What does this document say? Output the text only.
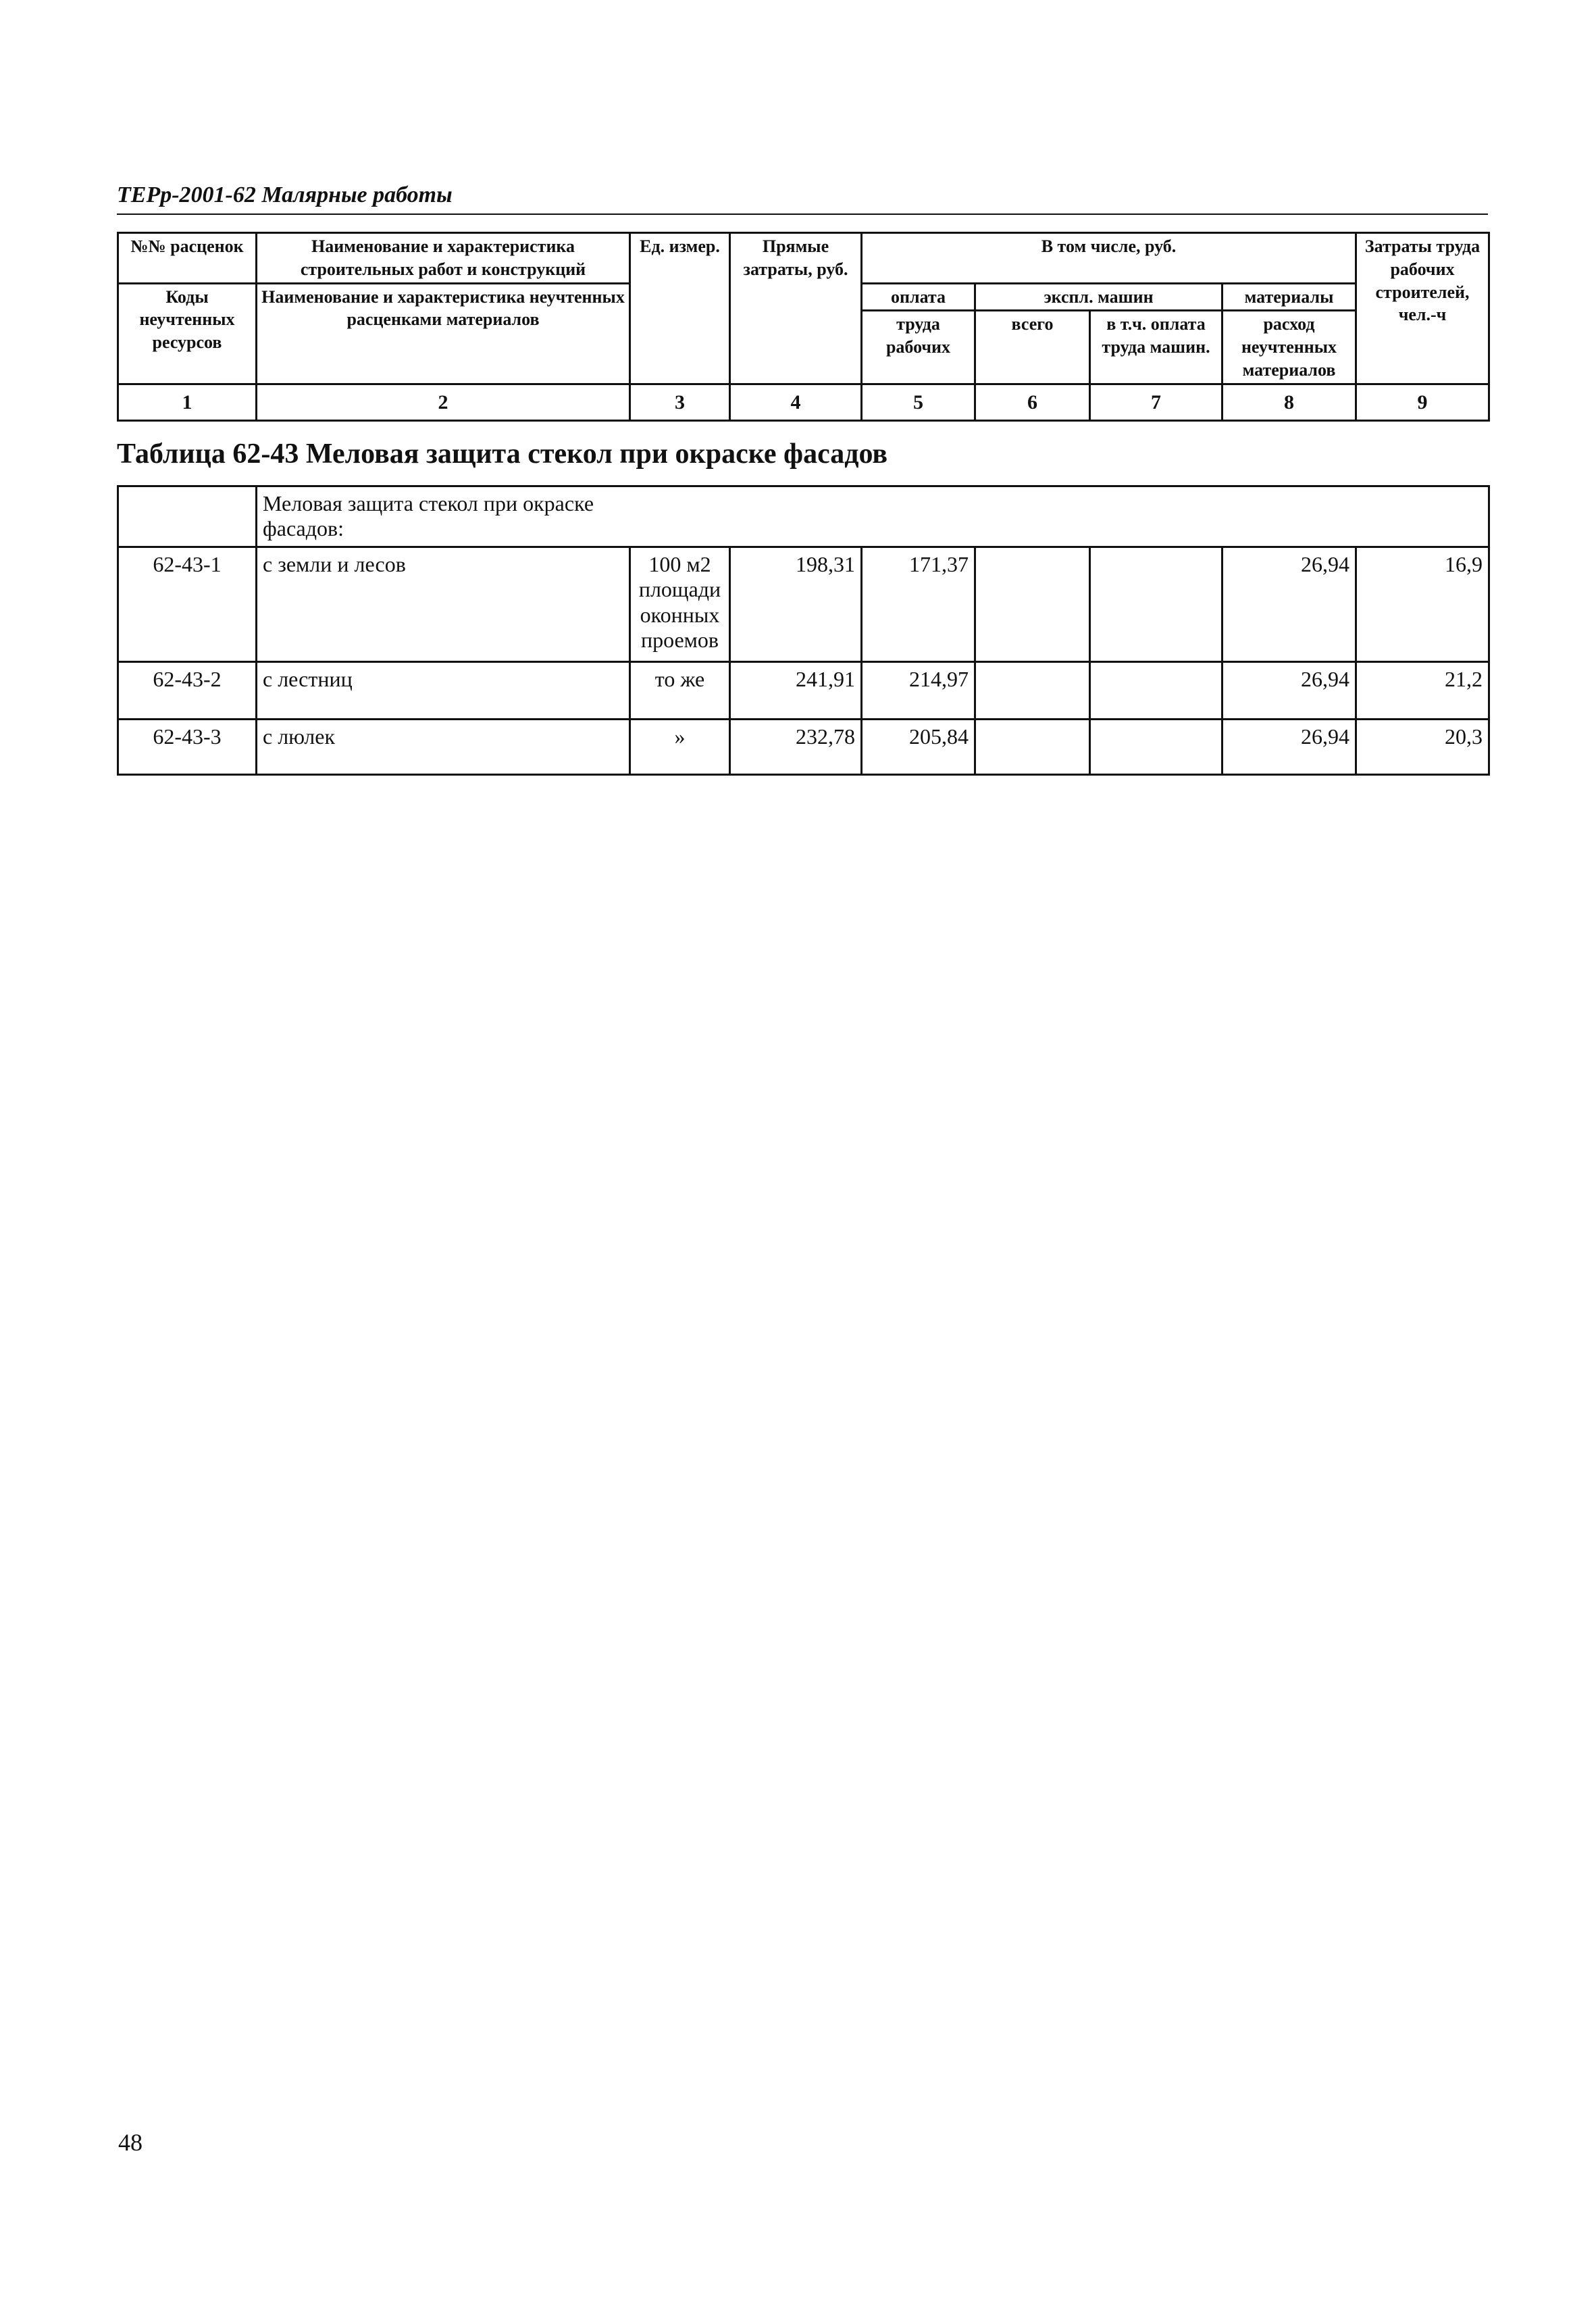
ТЕРр-2001-62 Малярные работы
№№ расценок	Наименование и характеристика строительных работ и конструкций	Ед. измер.	Прямые затраты, руб.	В том числе, руб.				Затраты труда рабочих строителей, чел.-ч
Коды неучтенных ресурсов	Наименование и характеристика неучтенных расценками материалов			оплата	экспл. машин		материалы	
				труда рабочих	всего	в т.ч. оплата труда машин.	расход неучтенных материалов	
1	2	3	4	5	6	7	8	9
Таблица 62-43 Меловая защита стекол при окраске фасадов

	Меловая защита стекол при окраске фасадов:							

62-43-1	с земли и лесов	100 м2 площади оконных проемов	198,31	171,37			26,94	16,9
62-43-2	с лестниц	то же	241,91	214,97			26,94	21,2
62-43-3	с люлек	»	232,78	205,84			26,94	20,3
48
